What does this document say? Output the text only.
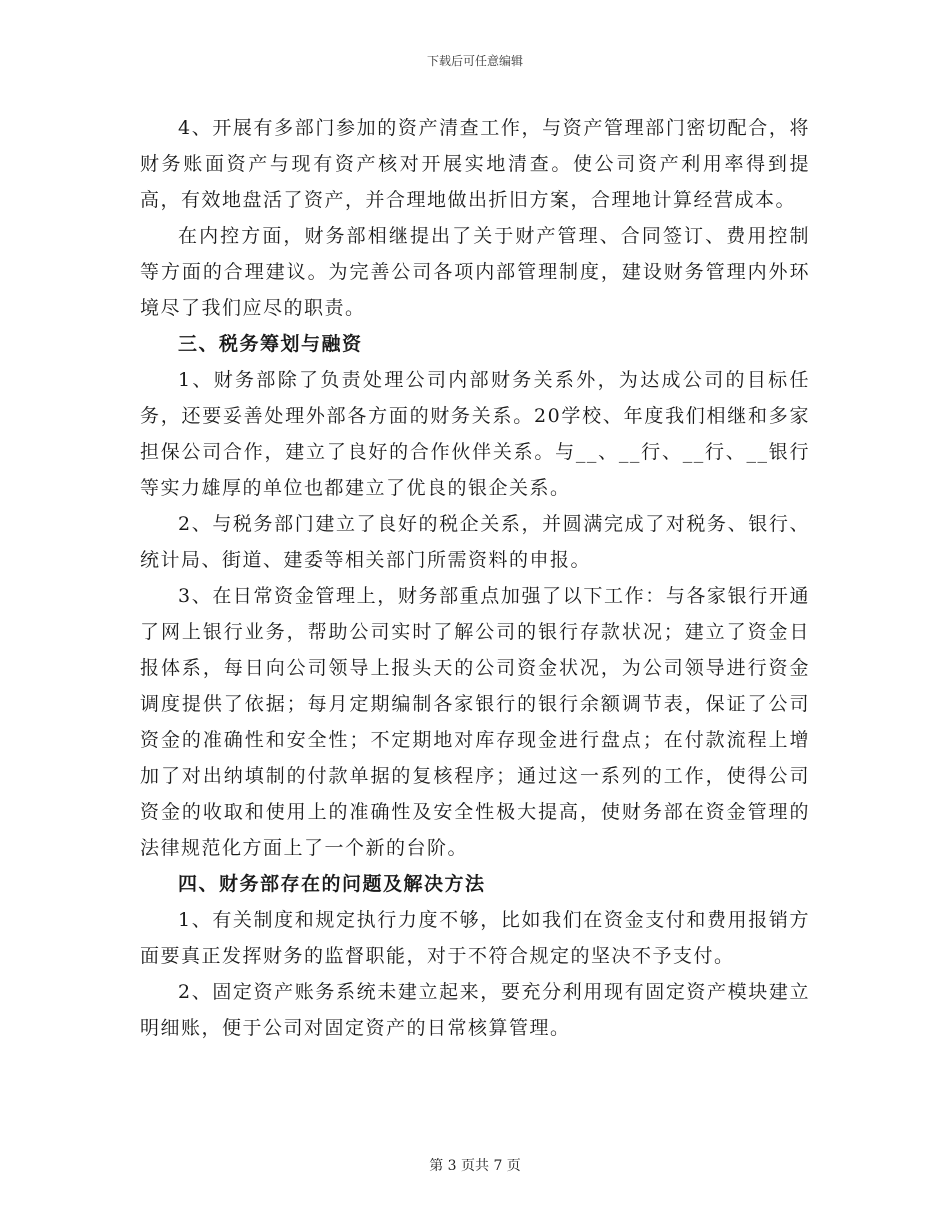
下载后可任意编辑

4、开展有多部门参加的资产清查工作，与资产管理部门密切配合，将财务账面资产与现有资产核对开展实地清查。使公司资产利用率得到提高，有效地盘活了资产，并合理地做出折旧方案，合理地计算经营成本。

在内控方面，财务部相继提出了关于财产管理、合同签订、费用控制等方面的合理建议。为完善公司各项内部管理制度，建设财务管理内外环境尽了我们应尽的职责。

三、税务筹划与融资

1、财务部除了负责处理公司内部财务关系外，为达成公司的目标任务，还要妥善处理外部各方面的财务关系。20学校、年度我们相继和多家担保公司合作，建立了良好的合作伙伴关系。与__、__行、__行、__银行等实力雄厚的单位也都建立了优良的银企关系。

2、与税务部门建立了良好的税企关系，并圆满完成了对税务、银行、统计局、街道、建委等相关部门所需资料的申报。

3、在日常资金管理上，财务部重点加强了以下工作：与各家银行开通了网上银行业务，帮助公司实时了解公司的银行存款状况；建立了资金日报体系，每日向公司领导上报头天的公司资金状况，为公司领导进行资金调度提供了依据；每月定期编制各家银行的银行余额调节表，保证了公司资金的准确性和安全性；不定期地对库存现金进行盘点；在付款流程上增加了对出纳填制的付款单据的复核程序；通过这一系列的工作，使得公司资金的收取和使用上的准确性及安全性极大提高，使财务部在资金管理的法律规范化方面上了一个新的台阶。

四、财务部存在的问题及解决方法

1、有关制度和规定执行力度不够，比如我们在资金支付和费用报销方面要真正发挥财务的监督职能，对于不符合规定的坚决不予支付。

2、固定资产账务系统未建立起来，要充分利用现有固定资产模块建立明细账，便于公司对固定资产的日常核算管理。

第 3 页共 7 页
